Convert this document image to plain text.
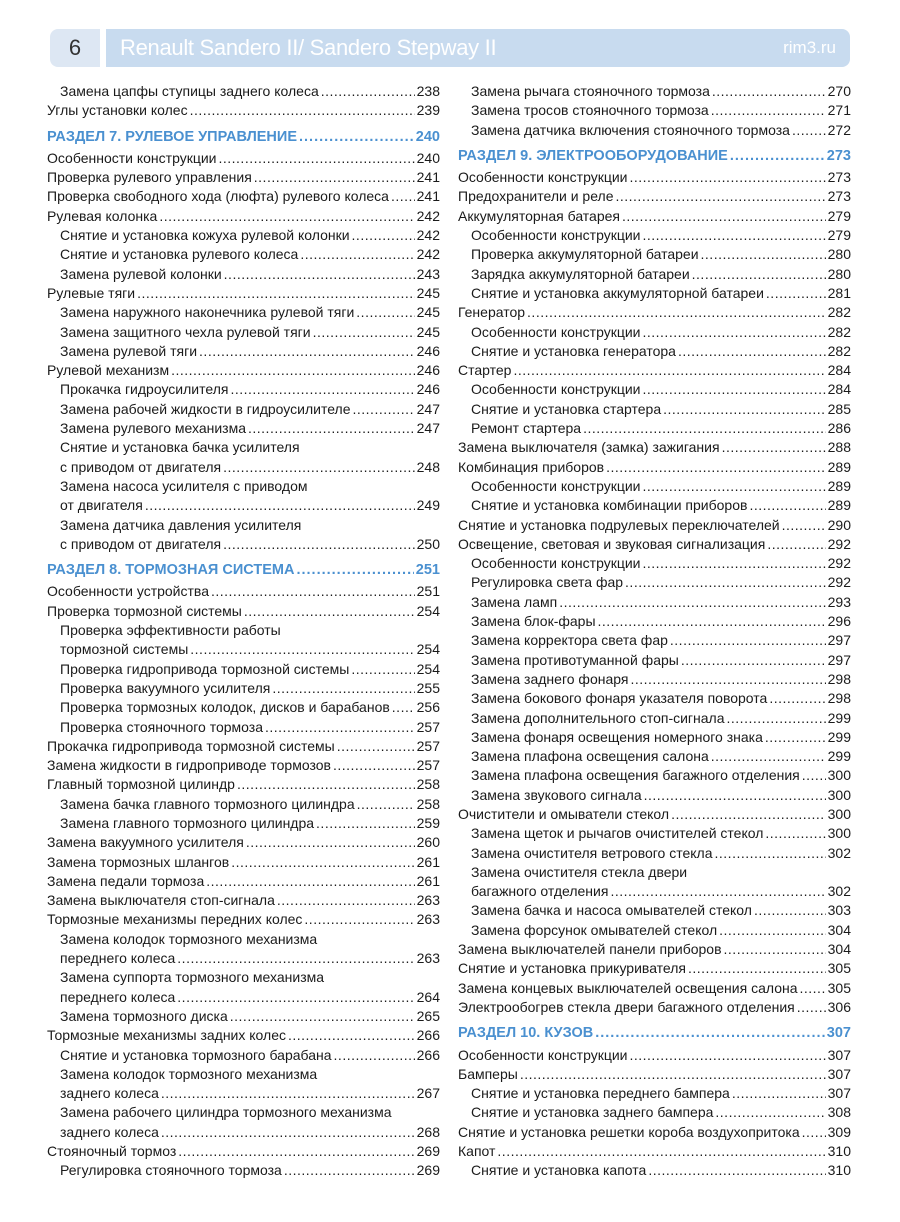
6	Renault Sandero II/ Sandero Stepway II	rim3.ru
Замена цапфы ступицы заднего колеса .....	238
Углы установки колес .....	239
РАЗДЕЛ 7. РУЛЕВОЕ УПРАВЛЕНИЕ .....	240
Особенности конструкции .....	240
Проверка рулевого управления .....	241
Проверка свободного хода (люфта) рулевого колеса ..... 241
Рулевая колонка .....	242
Снятие и установка кожуха рулевой колонки .....	242
Снятие и установка рулевого колеса .....	242
Замена рулевой колонки .....	243
Рулевые тяги .....	245
Замена наружного наконечника рулевой тяги .....	245
Замена защитного чехла рулевой тяги .....	245
Замена рулевой тяги .....	246
Рулевой механизм .....	246
Прокачка гидроусилителя .....	246
Замена рабочей жидкости в гидроусилителе .....	247
Замена рулевого механизма .....	247
Снятие и установка бачка усилителя
с приводом от двигателя .....	248
Замена насоса усилителя с приводом
от двигателя .....	249
Замена датчика давления усилителя
с приводом от двигателя .....	250
РАЗДЕЛ 8. ТОРМОЗНАЯ СИСТЕМА .....	251
Особенности устройства .....	251
Проверка тормозной системы .....	254
Проверка эффективности работы
тормозной системы .....	254
Проверка гидропривода тормозной системы .....	254
Проверка вакуумного усилителя .....	255
Проверка тормозных колодок, дисков и барабанов ..... 256
Проверка стояночного тормоза .....	257
Прокачка гидропривода тормозной системы .....	257
Замена жидкости в гидроприводе тормозов .....	257
Главный тормозной цилиндр .....	258
Замена бачка главного тормозного цилиндра .....	258
Замена главного тормозного цилиндра .....	259
Замена вакуумного усилителя .....	260
Замена тормозных шлангов .....	261
Замена педали тормоза .....	261
Замена выключателя стоп-сигнала .....	263
Тормозные механизмы передних колес .....	263
Замена колодок тормозного механизма
переднего колеса .....	263
Замена суппорта тормозного механизма
переднего колеса .....	264
Замена тормозного диска .....	265
Тормозные механизмы задних колес .....	266
Снятие и установка тормозного барабана .....	266
Замена колодок тормозного механизма
заднего колеса .....	267
Замена рабочего цилиндра тормозного механизма
заднего колеса .....	268
Стояночный тормоз .....	269
Регулировка стояночного тормоза .....	269
Замена рычага стояночного тормоза .....	270
Замена тросов стояночного тормоза .....	271
Замена датчика включения стояночного тормоза .....	272
РАЗДЕЛ 9. ЭЛЕКТРООБОРУДОВАНИЕ .....	273
Особенности конструкции .....	273
Предохранители и реле .....	273
Аккумуляторная батарея .....	279
Особенности конструкции .....	279
Проверка аккумуляторной батареи .....	280
Зарядка аккумуляторной батареи .....	280
Снятие и установка аккумуляторной батареи .....	281
Генератор .....	282
Особенности конструкции .....	282
Снятие и установка генератора .....	282
Стартер .....	284
Особенности конструкции .....	284
Снятие и установка стартера .....	285
Ремонт стартера .....	286
Замена выключателя (замка) зажигания .....	288
Комбинация приборов .....	289
Особенности конструкции .....	289
Снятие и установка комбинации приборов .....	289
Снятие и установка подрулевых переключателей .....	290
Освещение, световая и звуковая сигнализация .....	292
Особенности конструкции .....	292
Регулировка света фар .....	292
Замена ламп .....	293
Замена блок-фары .....	296
Замена корректора света фар .....	297
Замена противотуманной фары .....	297
Замена заднего фонаря .....	298
Замена бокового фонаря указателя поворота .....	298
Замена дополнительного стоп-сигнала .....	299
Замена фонаря освещения номерного знака .....	299
Замена плафона освещения салона .....	299
Замена плафона освещения багажного отделения ..... 300
Замена звукового сигнала .....	300
Очистители и омыватели стекол .....	300
Замена щеток и рычагов очистителей стекол .....	300
Замена очистителя ветрового стекла .....	302
Замена очистителя стекла двери
багажного отделения .....	302
Замена бачка и насоса омывателей стекол .....	303
Замена форсунок омывателей стекол .....	304
Замена выключателей панели приборов .....	304
Снятие и установка прикуривателя .....	305
Замена концевых выключателей освещения салона ..... 305
Электрообогрев стекла двери багажного отделения ..... 306
РАЗДЕЛ 10. КУЗОВ .....	307
Особенности конструкции .....	307
Бамперы .....	307
Снятие и установка переднего бампера .....	307
Снятие и установка заднего бампера .....	308
Снятие и установка решетки короба воздухопритока ..... 309
Капот .....	310
Снятие и установка капота .....	310
